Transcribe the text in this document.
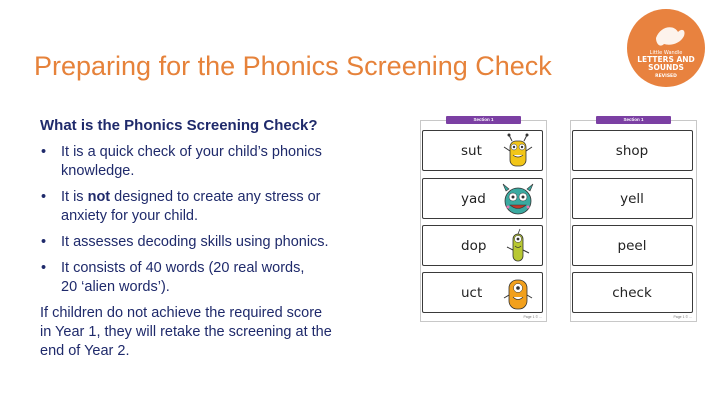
Preparing for the Phonics Screening Check	Little Wandle
LETTERS AND
SOUNDS
REVISED
What is the Phonics Screening Check?
• It is a quick check of your child’s phonics
knowledge.
• It is not designed to create any stress or
anxiety for your child.
• It assesses decoding skills using phonics.
• It consists of 40 words (20 real words,
20 ‘alien words’).
If children do not achieve the required score
in Year 1, they will retake the screening at the
end of Year 2.
Section 1
sut
yad
dop
uct
Page 1 © ...
Section 1
shop
yell
peel
check
Page 1 © ...
